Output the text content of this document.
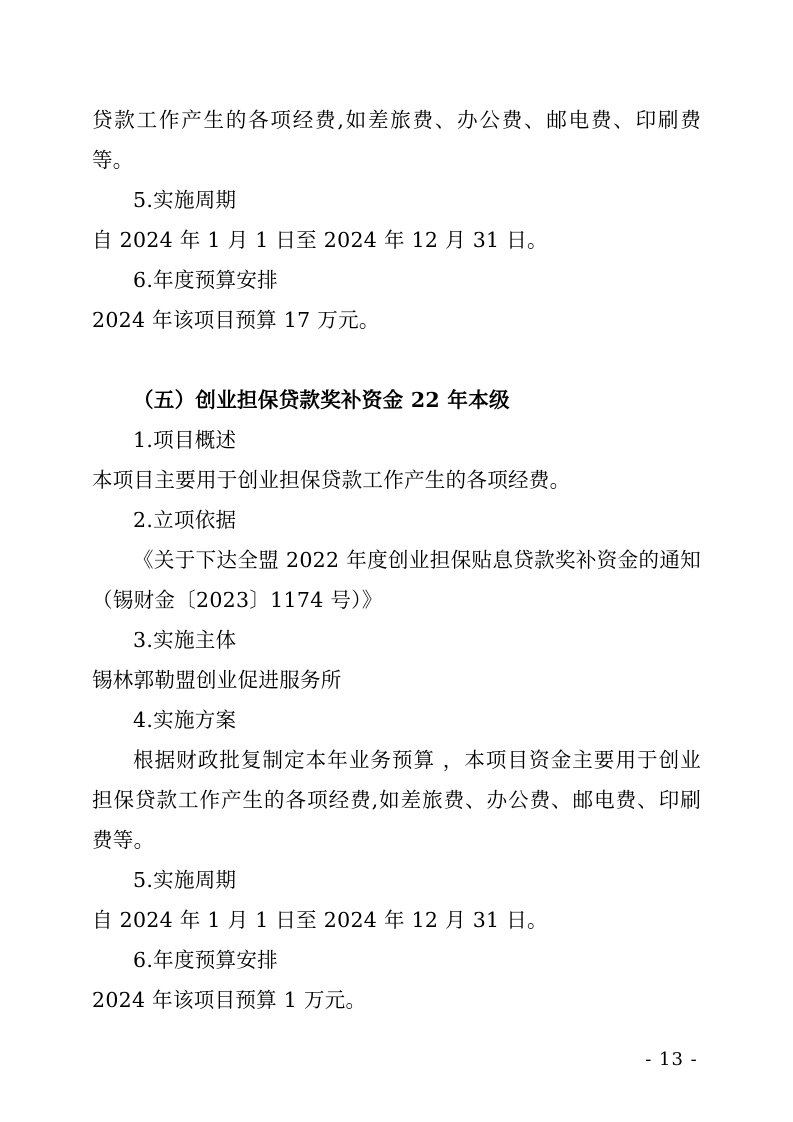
贷款工作产生的各项经费,如差旅费、办公费、邮电费、印刷费等。

5.实施周期

自 2024 年 1 月 1 日至 2024 年 12 月 31 日。

6.年度预算安排

2024 年该项目预算 17 万元。

（五）创业担保贷款奖补资金 22 年本级

1.项目概述

本项目主要用于创业担保贷款工作产生的各项经费。

2.立项依据

《关于下达全盟 2022 年度创业担保贴息贷款奖补资金的通知（锡财金〔2023〕1174 号）》

3.实施主体

锡林郭勒盟创业促进服务所

4.实施方案

根据财政批复制定本年业务预算 ，本项目资金主要用于创业担保贷款工作产生的各项经费,如差旅费、办公费、邮电费、印刷费等。

5.实施周期

自 2024 年 1 月 1 日至 2024 年 12 月 31 日。

6.年度预算安排

2024 年该项目预算 1 万元。

- 13 -
